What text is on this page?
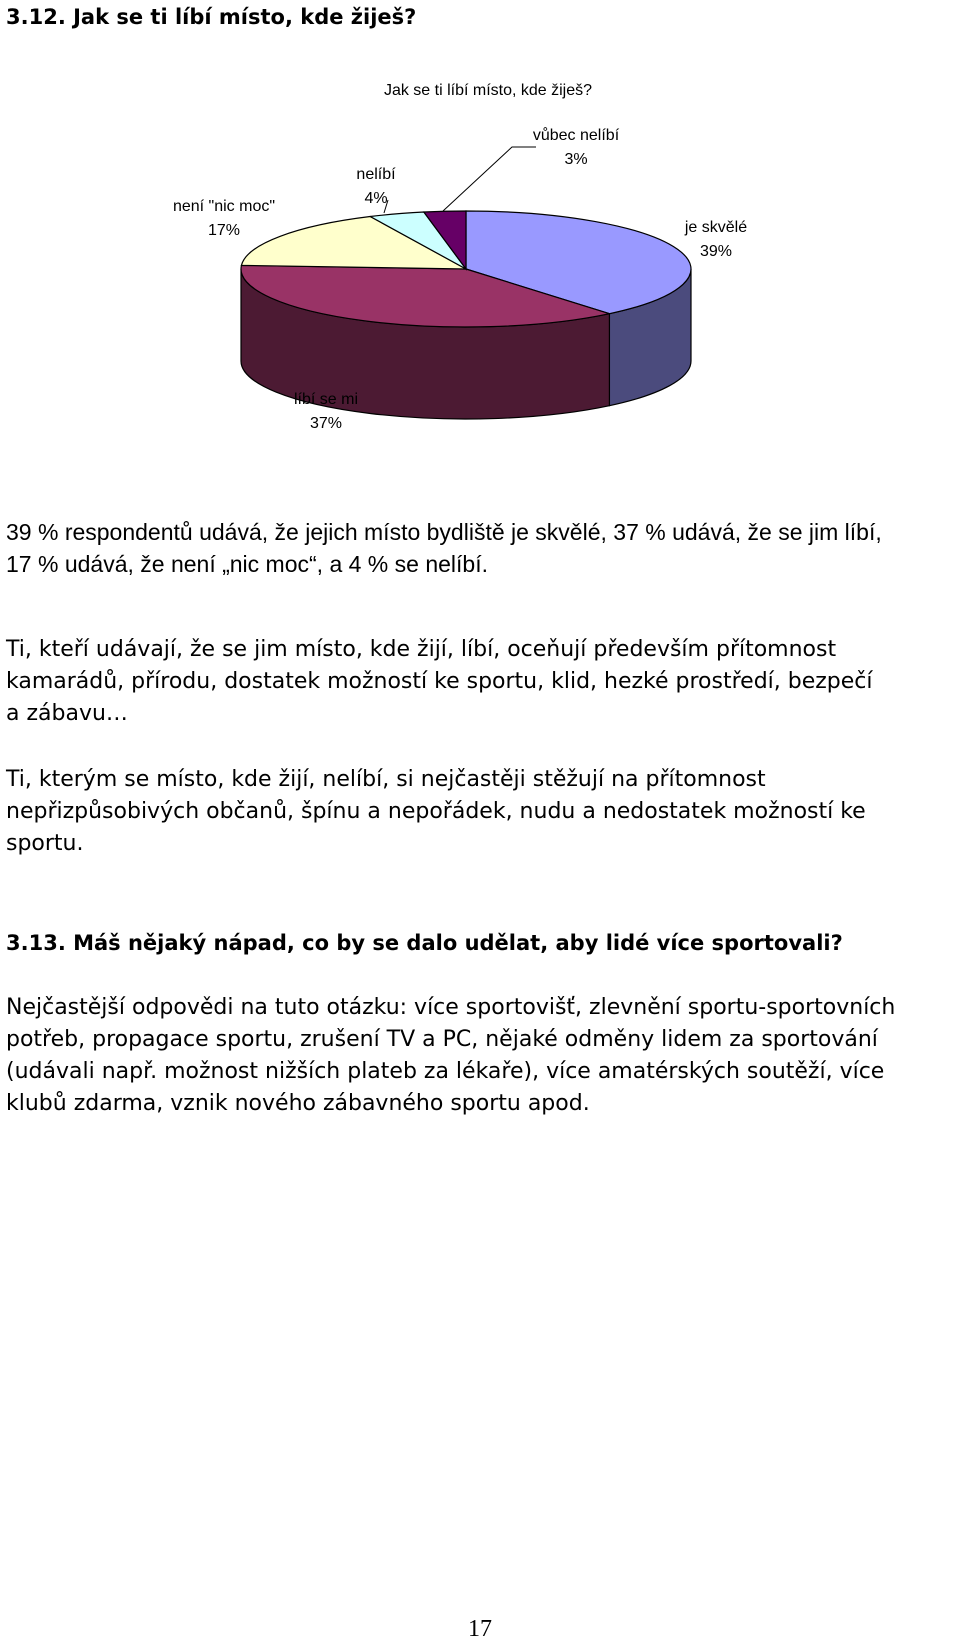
3.12. Jak se ti líbí místo, kde žiješ?
Jak se ti líbí místo, kde žiješ?
je skvělé
39%
líbí se mi
37%
není "nic moc"
17%
nelíbí
4%
vůbec nelíbí
3%
39 % respondentů udává, že jejich místo bydliště je skvělé, 37 % udává, že se jim líbí,
17 % udává, že není „nic moc“, a 4 % se nelíbí.
Ti, kteří udávají, že se jim místo, kde žijí, líbí, oceňují především přítomnost
kamarádů, přírodu, dostatek možností ke sportu, klid, hezké prostředí, bezpečí
a zábavu…
Ti, kterým se místo, kde žijí, nelíbí, si nejčastěji stěžují na přítomnost
nepřizpůsobivých občanů, špínu a nepořádek, nudu a nedostatek možností ke
sportu.
3.13. Máš nějaký nápad, co by se dalo udělat, aby lidé více sportovali?
Nejčastější odpovědi na tuto otázku: více sportovišť, zlevnění sportu-sportovních
potřeb, propagace sportu, zrušení TV a PC, nějaké odměny lidem za sportování
(udávali např. možnost nižších plateb za lékaře), více amatérských soutěží, více
klubů zdarma, vznik nového zábavného sportu apod.
17
